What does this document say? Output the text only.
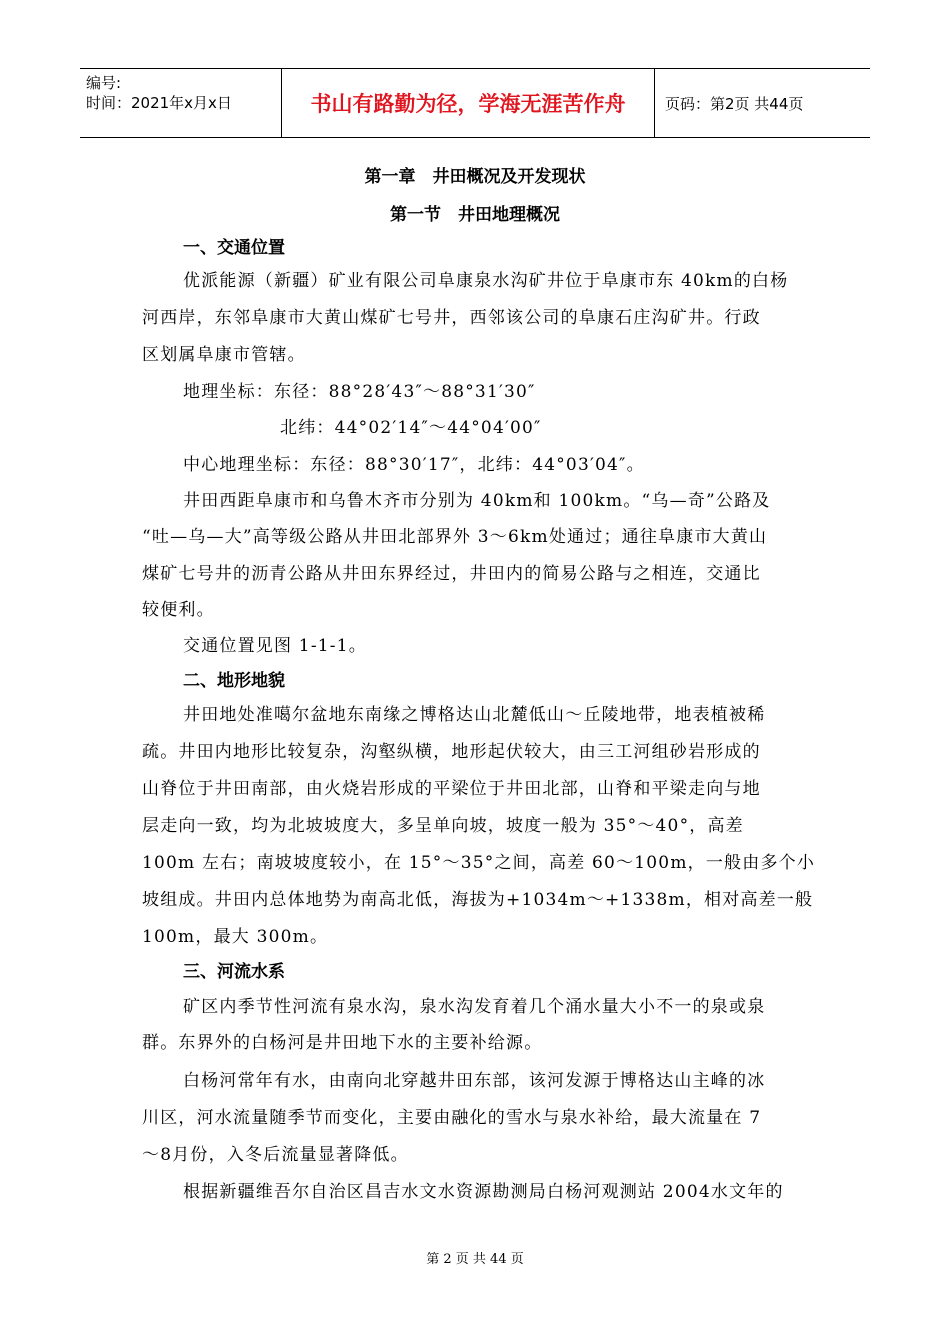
编号:
时间：2021年x月x日	书山有路勤为径，学海无涯苦作舟	页码：第2页 共44页
第一章　井田概况及开发现状
第一节　井田地理概况
一、交通位置
优派能源（新疆）矿业有限公司阜康泉水沟矿井位于阜康市东 40km的白杨
河西岸，东邻阜康市大黄山煤矿七号井，西邻该公司的阜康石庄沟矿井。行政
区划属阜康市管辖。
地理坐标：东径：88°28′43″～88°31′30″
北纬：44°02′14″～44°04′00″
中心地理坐标：东径：88°30′17″，北纬：44°03′04″。
井田西距阜康市和乌鲁木齐市分别为 40km和 100km。“乌—奇”公路及
“吐—乌—大”高等级公路从井田北部界外 3～6km处通过；通往阜康市大黄山
煤矿七号井的沥青公路从井田东界经过，井田内的简易公路与之相连，交通比
较便利。
交通位置见图 1-1-1。
二、地形地貌
井田地处准噶尔盆地东南缘之博格达山北麓低山～丘陵地带，地表植被稀
疏。井田内地形比较复杂，沟壑纵横，地形起伏较大，由三工河组砂岩形成的
山脊位于井田南部，由火烧岩形成的平梁位于井田北部，山脊和平梁走向与地
层走向一致，均为北坡坡度大，多呈单向坡，坡度一般为 35°～40°，高差
100m 左右；南坡坡度较小，在 15°～35°之间，高差 60～100m，一般由多个小
坡组成。井田内总体地势为南高北低，海拔为+1034m～+1338m，相对高差一般
100m，最大 300m。
三、河流水系
矿区内季节性河流有泉水沟，泉水沟发育着几个涌水量大小不一的泉或泉
群。东界外的白杨河是井田地下水的主要补给源。
白杨河常年有水，由南向北穿越井田东部，该河发源于博格达山主峰的冰
川区，河水流量随季节而变化，主要由融化的雪水与泉水补给，最大流量在 7
～8月份，入冬后流量显著降低。
根据新疆维吾尔自治区昌吉水文水资源勘测局白杨河观测站 2004水文年的
第 2 页 共 44 页
